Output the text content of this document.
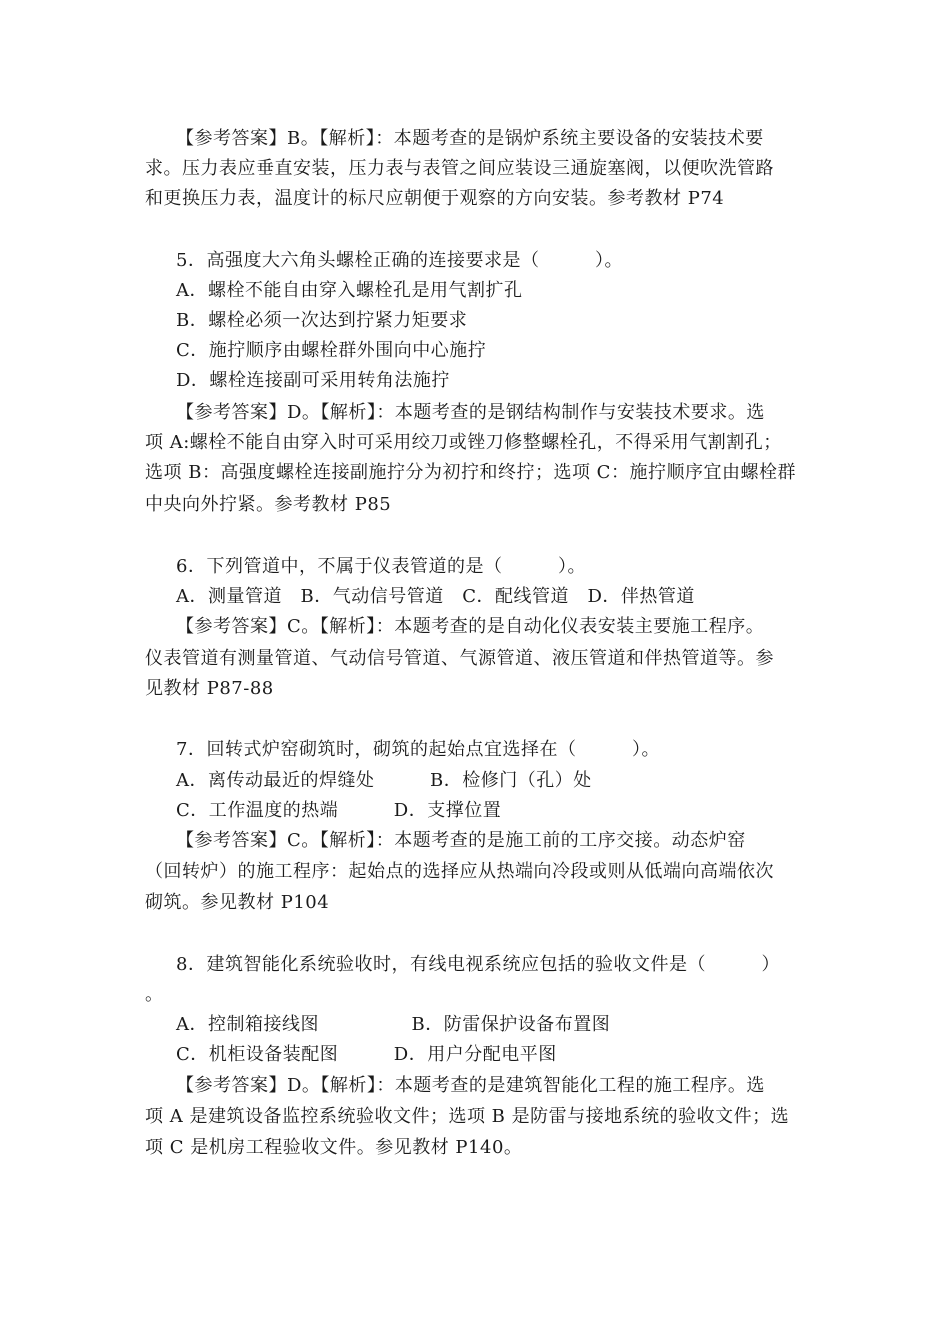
【参考答案】B。【解析】：本题考查的是锅炉系统主要设备的安装技术要
求。压力表应垂直安装，压力表与表管之间应装设三通旋塞阀，以便吹洗管路
和更换压力表，温度计的标尺应朝便于观察的方向安装。参考教材 P74
5．高强度大六角头螺栓正确的连接要求是（　　　）。
A．螺栓不能自由穿入螺栓孔是用气割扩孔
B．螺栓必须一次达到拧紧力矩要求
C．施拧顺序由螺栓群外围向中心施拧
D．螺栓连接副可采用转角法施拧
【参考答案】D。【解析】：本题考查的是钢结构制作与安装技术要求。选
项 A:螺栓不能自由穿入时可采用绞刀或锉刀修整螺栓孔，不得采用气割割孔；
选项 B：高强度螺栓连接副施拧分为初拧和终拧；选项 C：施拧顺序宜由螺栓群
中央向外拧紧。参考教材 P85
6．下列管道中，不属于仪表管道的是（　　　）。
A．测量管道　B．气动信号管道　C．配线管道　D．伴热管道
【参考答案】C。【解析】：本题考查的是自动化仪表安装主要施工程序。
仪表管道有测量管道、气动信号管道、气源管道、液压管道和伴热管道等。参
见教材 P87-88
7．回转式炉窑砌筑时，砌筑的起始点宜选择在（　　　）。
A．离传动最近的焊缝处　　　B．检修门（孔）处
C．工作温度的热端　　　D．支撑位置
【参考答案】C。【解析】：本题考查的是施工前的工序交接。动态炉窑
（回转炉）的施工程序：起始点的选择应从热端向冷段或则从低端向高端依次
砌筑。参见教材 P104
8．建筑智能化系统验收时，有线电视系统应包括的验收文件是（　　　）
。
A．控制箱接线图　　　　　B．防雷保护设备布置图
C．机柜设备装配图　　　D．用户分配电平图
【参考答案】D。【解析】：本题考查的是建筑智能化工程的施工程序。选
项 A 是建筑设备监控系统验收文件；选项 B 是防雷与接地系统的验收文件；选
项 C 是机房工程验收文件。参见教材 P140。
